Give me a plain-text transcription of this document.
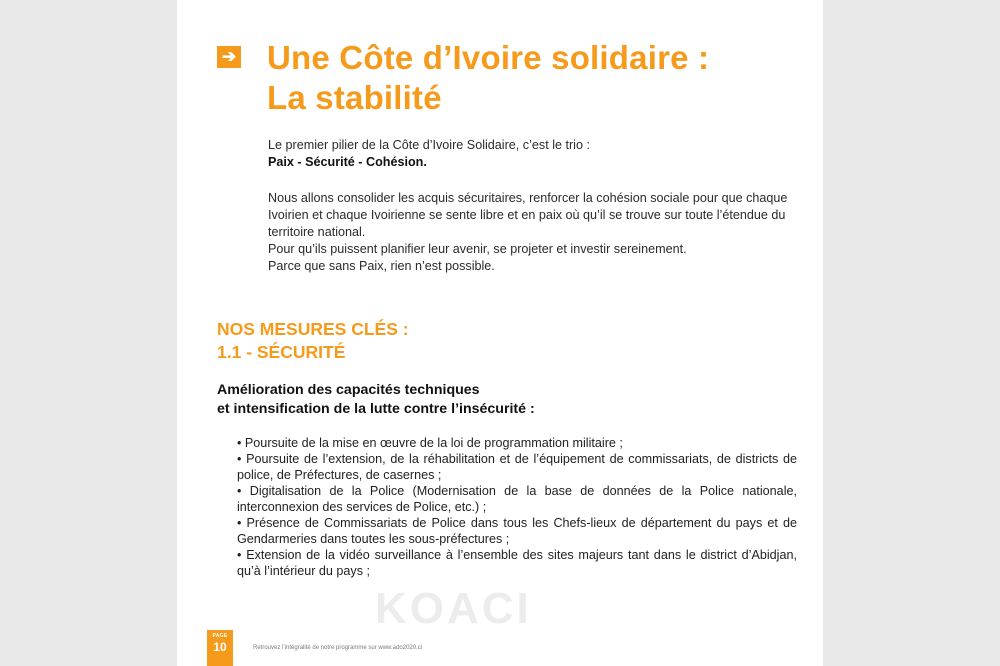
➔ Une Côte d’Ivoire solidaire :
La stabilité

Le premier pilier de la Côte d’Ivoire Solidaire, c’est le trio :

Paix - Sécurité - Cohésion.

Nous allons consolider les acquis sécuritaires, renforcer la cohésion sociale pour que chaque Ivoirien et chaque Ivoirienne se sente libre et en paix où qu’il se trouve sur toute l’étendue du territoire national.

Pour qu’ils puissent planifier leur avenir, se projeter et investir sereinement.

Parce que sans Paix, rien n’est possible.

NOS MESURES CLÉS :
1.1 - SÉCURITÉ
Amélioration des capacités techniques
et intensification de la lutte contre l’insécurité :
• Poursuite de la mise en œuvre de la loi de programmation militaire ;
• Poursuite de l’extension, de la réhabilitation et de l’équipement de commissariats, de districts de police, de Préfectures, de casernes ;
• Digitalisation de la Police (Modernisation de la base de données de la Police nationale, interconnexion des services de Police, etc.) ;
• Présence de Commissariats de Police dans tous les Chefs-lieux de département du pays et de Gendarmeries dans toutes les sous-préfectures ;
• Extension de la vidéo surveillance à l’ensemble des sites majeurs tant dans le district d’Abidjan, qu’à l’intérieur du pays ;
PAGE
10	Retrouvez l’intégralité de notre programme sur www.ado2020.ci
KOACI
